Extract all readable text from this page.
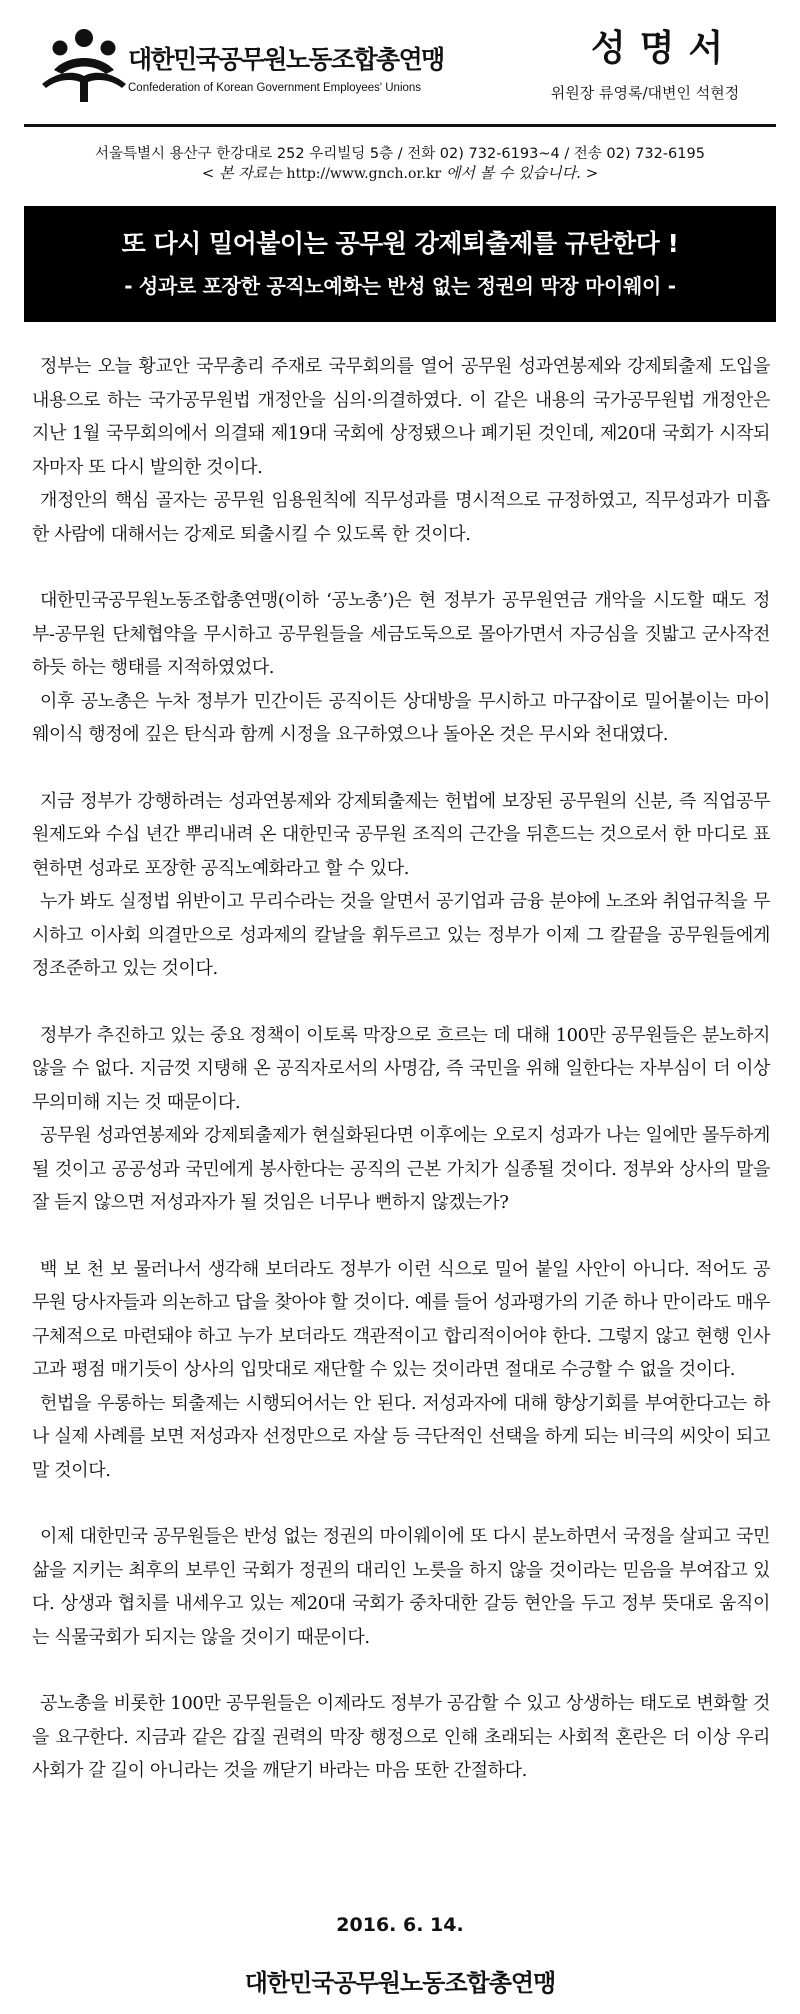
대한민국공무원노동조합총연맹
Confederation of Korean Government Employees' Unions
성명서
위원장 류영록/대변인 석현정
서울특별시 용산구 한강대로 252 우리빌딩 5층 / 전화 02) 732-6193~4 / 전송 02) 732-6195
< 본 자료는 http://www.gnch.or.kr 에서 볼 수 있습니다. >
또 다시 밀어붙이는 공무원 강제퇴출제를 규탄한다 !
- 성과로 포장한 공직노예화는 반성 없는 정권의 막장 마이웨이 -

정부는 오늘 황교안 국무총리 주재로 국무회의를 열어 공무원 성과연봉제와 강제퇴출제 도입을 내용으로 하는 국가공무원법 개정안을 심의·의결하였다. 이 같은 내용의 국가공무원법 개정안은 지난 1월 국무회의에서 의결돼 제19대 국회에 상정됐으나 폐기된 것인데, 제20대 국회가 시작되자마자 또 다시 발의한 것이다.

개정안의 핵심 골자는 공무원 임용원칙에 직무성과를 명시적으로 규정하였고, 직무성과가 미흡한 사람에 대해서는 강제로 퇴출시킬 수 있도록 한 것이다.

대한민국공무원노동조합총연맹(이하 ‘공노총’)은 현 정부가 공무원연금 개악을 시도할 때도 정부-공무원 단체협약을 무시하고 공무원들을 세금도둑으로 몰아가면서 자긍심을 짓밟고 군사작전 하듯 하는 행태를 지적하였었다.

이후 공노총은 누차 정부가 민간이든 공직이든 상대방을 무시하고 마구잡이로 밀어붙이는 마이웨이식 행정에 깊은 탄식과 함께 시정을 요구하였으나 돌아온 것은 무시와 천대였다.

지금 정부가 강행하려는 성과연봉제와 강제퇴출제는 헌법에 보장된 공무원의 신분, 즉 직업공무원제도와 수십 년간 뿌리내려 온 대한민국 공무원 조직의 근간을 뒤흔드는 것으로서 한 마디로 표현하면 성과로 포장한 공직노예화라고 할 수 있다.

누가 봐도 실정법 위반이고 무리수라는 것을 알면서 공기업과 금융 분야에 노조와 취업규칙을 무시하고 이사회 의결만으로 성과제의 칼날을 휘두르고 있는 정부가 이제 그 칼끝을 공무원들에게 정조준하고 있는 것이다.

정부가 추진하고 있는 중요 정책이 이토록 막장으로 흐르는 데 대해 100만 공무원들은 분노하지 않을 수 없다. 지금껏 지탱해 온 공직자로서의 사명감, 즉 국민을 위해 일한다는 자부심이 더 이상 무의미해 지는 것 때문이다.

공무원 성과연봉제와 강제퇴출제가 현실화된다면 이후에는 오로지 성과가 나는 일에만 몰두하게 될 것이고 공공성과 국민에게 봉사한다는 공직의 근본 가치가 실종될 것이다. 정부와 상사의 말을 잘 듣지 않으면 저성과자가 될 것임은 너무나 뻔하지 않겠는가?

백 보 천 보 물러나서 생각해 보더라도 정부가 이런 식으로 밀어 붙일 사안이 아니다. 적어도 공무원 당사자들과 의논하고 답을 찾아야 할 것이다. 예를 들어 성과평가의 기준 하나 만이라도 매우 구체적으로 마련돼야 하고 누가 보더라도 객관적이고 합리적이어야 한다. 그렇지 않고 현행 인사고과 평점 매기듯이 상사의 입맛대로 재단할 수 있는 것이라면 절대로 수긍할 수 없을 것이다.

헌법을 우롱하는 퇴출제는 시행되어서는 안 된다. 저성과자에 대해 향상기회를 부여한다고는 하나 실제 사례를 보면 저성과자 선정만으로 자살 등 극단적인 선택을 하게 되는 비극의 씨앗이 되고 말 것이다.

이제 대한민국 공무원들은 반성 없는 정권의 마이웨이에 또 다시 분노하면서 국정을 살피고 국민 삶을 지키는 최후의 보루인 국회가 정권의 대리인 노릇을 하지 않을 것이라는 믿음을 부여잡고 있다. 상생과 협치를 내세우고 있는 제20대 국회가 중차대한 갈등 현안을 두고 정부 뜻대로 움직이는 식물국회가 되지는 않을 것이기 때문이다.

공노총을 비롯한 100만 공무원들은 이제라도 정부가 공감할 수 있고 상생하는 태도로 변화할 것을 요구한다. 지금과 같은 갑질 권력의 막장 행정으로 인해 초래되는 사회적 혼란은 더 이상 우리 사회가 갈 길이 아니라는 것을 깨닫기 바라는 마음 또한 간절하다.

2016. 6. 14.
대한민국공무원노동조합총연맹
